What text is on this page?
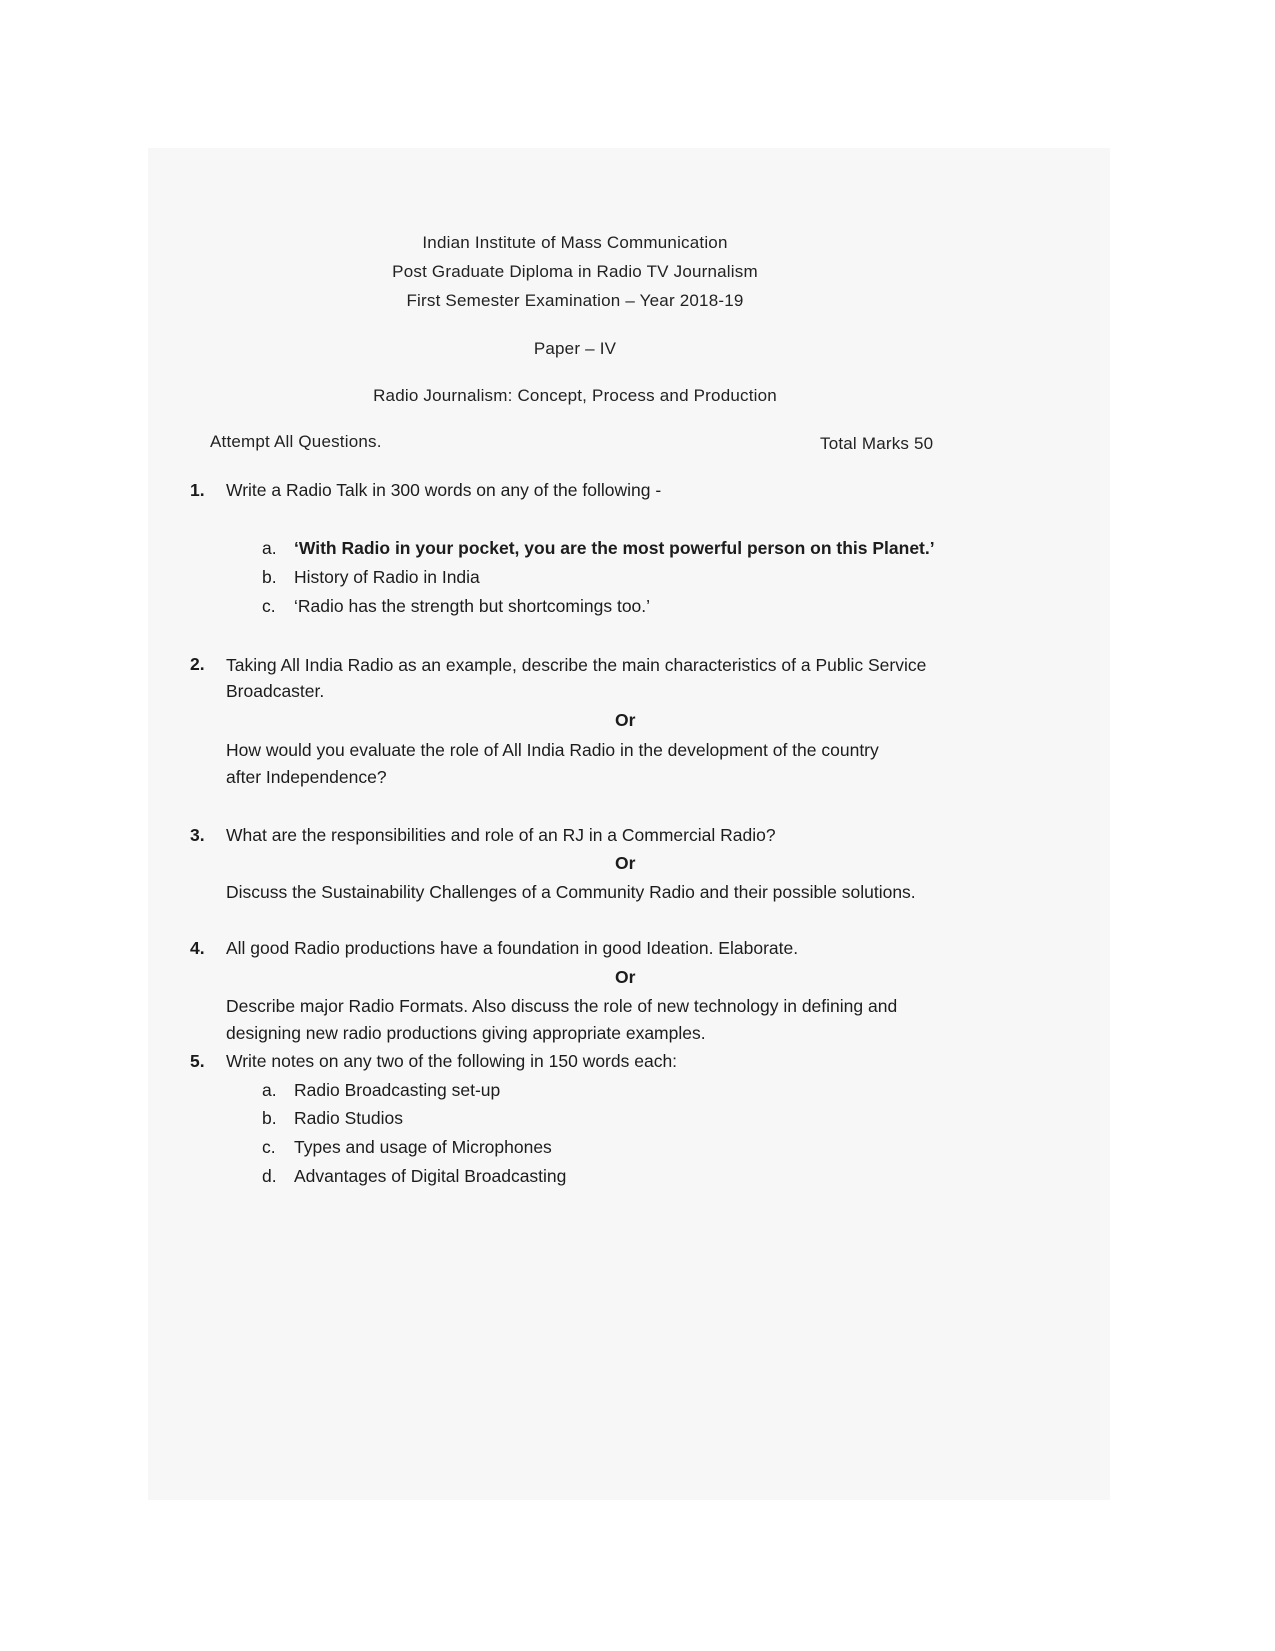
Indian Institute of Mass Communication
Post Graduate Diploma in Radio TV Journalism
First Semester Examination – Year 2018-19
Paper – IV
Radio Journalism: Concept, Process and Production
Attempt All Questions.	Total Marks 50
1. Write a Radio Talk in 300 words on any of the following -
a. ‘With Radio in your pocket, you are the most powerful person on this Planet.’
b. History of Radio in India
c. ‘Radio has the strength but shortcomings too.’
2. Taking All India Radio as an example, describe the main characteristics of a Public Service
Broadcaster.
Or
How would you evaluate the role of All India Radio in the development of the country
after Independence?
3. What are the responsibilities and role of an RJ in a Commercial Radio?
Or
Discuss the Sustainability Challenges of a Community Radio and their possible solutions.
4. All good Radio productions have a foundation in good Ideation. Elaborate.
Or
Describe major Radio Formats. Also discuss the role of new technology in defining and
designing new radio productions giving appropriate examples.
5. Write notes on any two of the following in 150 words each:
a. Radio Broadcasting set-up
b. Radio Studios
c. Types and usage of Microphones
d. Advantages of Digital Broadcasting
